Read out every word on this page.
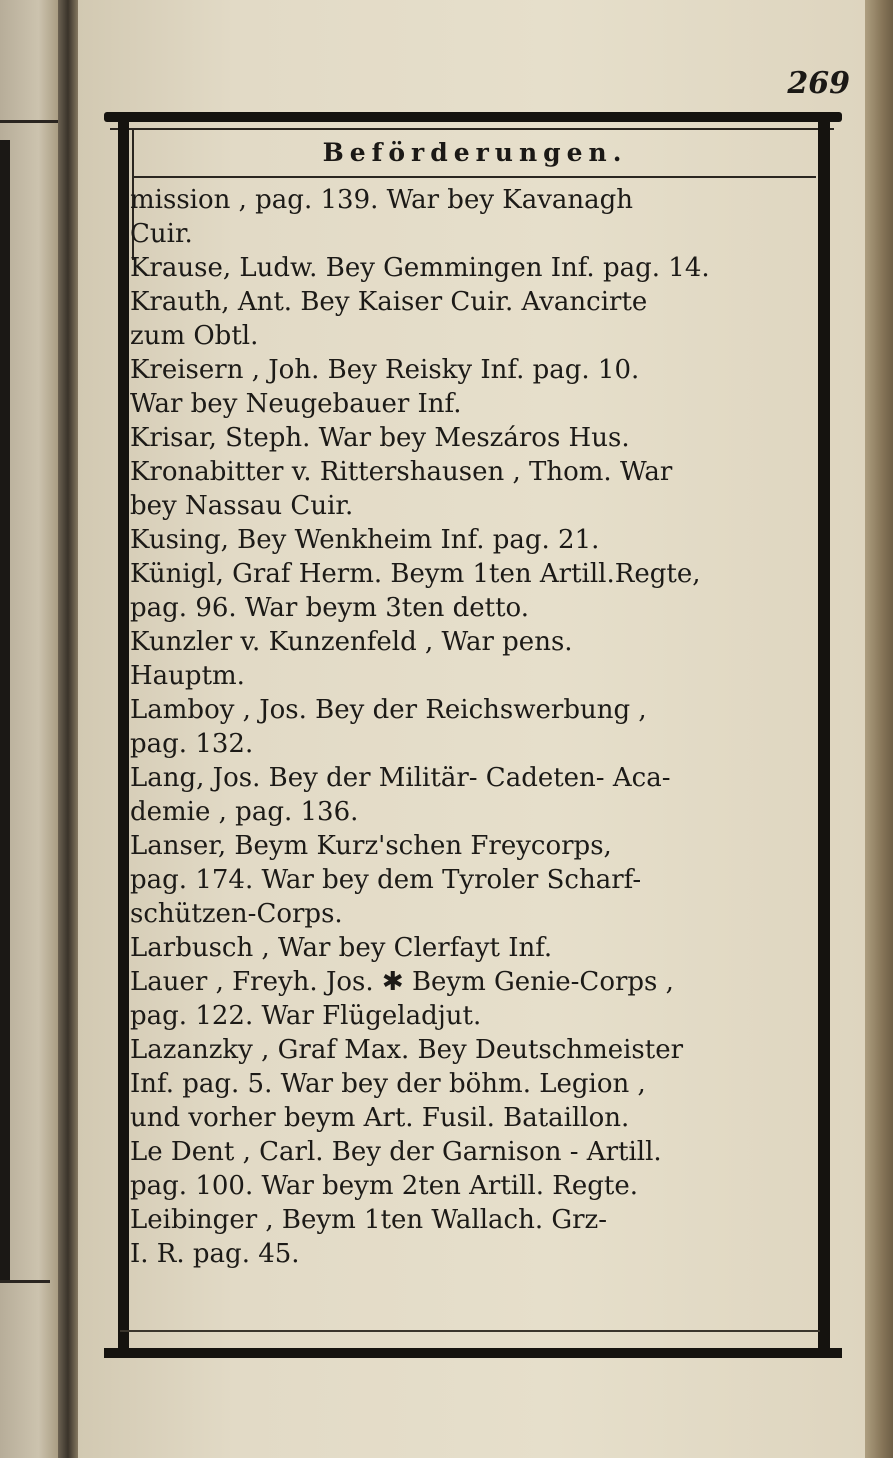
269
Beförderungen.
mission , pag. 139. War bey Kavanagh
Cuir.
Krause, Ludw. Bey Gemmingen Inf. pag. 14.
Krauth, Ant. Bey Kaiser Cuir. Avancirte
zum Obtl.
Kreisern , Joh. Bey Reisky Inf. pag. 10.
War bey Neugebauer Inf.
Krisar, Steph. War bey Meszáros Hus.
Kronabitter v. Rittershausen , Thom. War
bey Nassau Cuir.
Kusing, Bey Wenkheim Inf. pag. 21.
Künigl, Graf Herm. Beym 1ten Artill.Regte,
pag. 96. War beym 3ten detto.
Kunzler v. Kunzenfeld , War pens.
Hauptm.
Lamboy , Jos. Bey der Reichswerbung ,
pag. 132.
Lang, Jos. Bey der Militär- Cadeten- Aca-
demie , pag. 136.
Lanser, Beym Kurz'schen Freycorps,
pag. 174. War bey dem Tyroler Scharf-
schützen-Corps.
Larbusch , War bey Clerfayt Inf.
Lauer , Freyh. Jos. ✱ Beym Genie-Corps ,
pag. 122. War Flügeladjut.
Lazanzky , Graf Max. Bey Deutschmeister
Inf. pag. 5. War bey der böhm. Legion ,
und vorher beym Art. Fusil. Bataillon.
Le Dent , Carl. Bey der Garnison - Artill.
pag. 100. War beym 2ten Artill. Regte.
Leibinger , Beym 1ten Wallach. Grz-
I. R. pag. 45.
